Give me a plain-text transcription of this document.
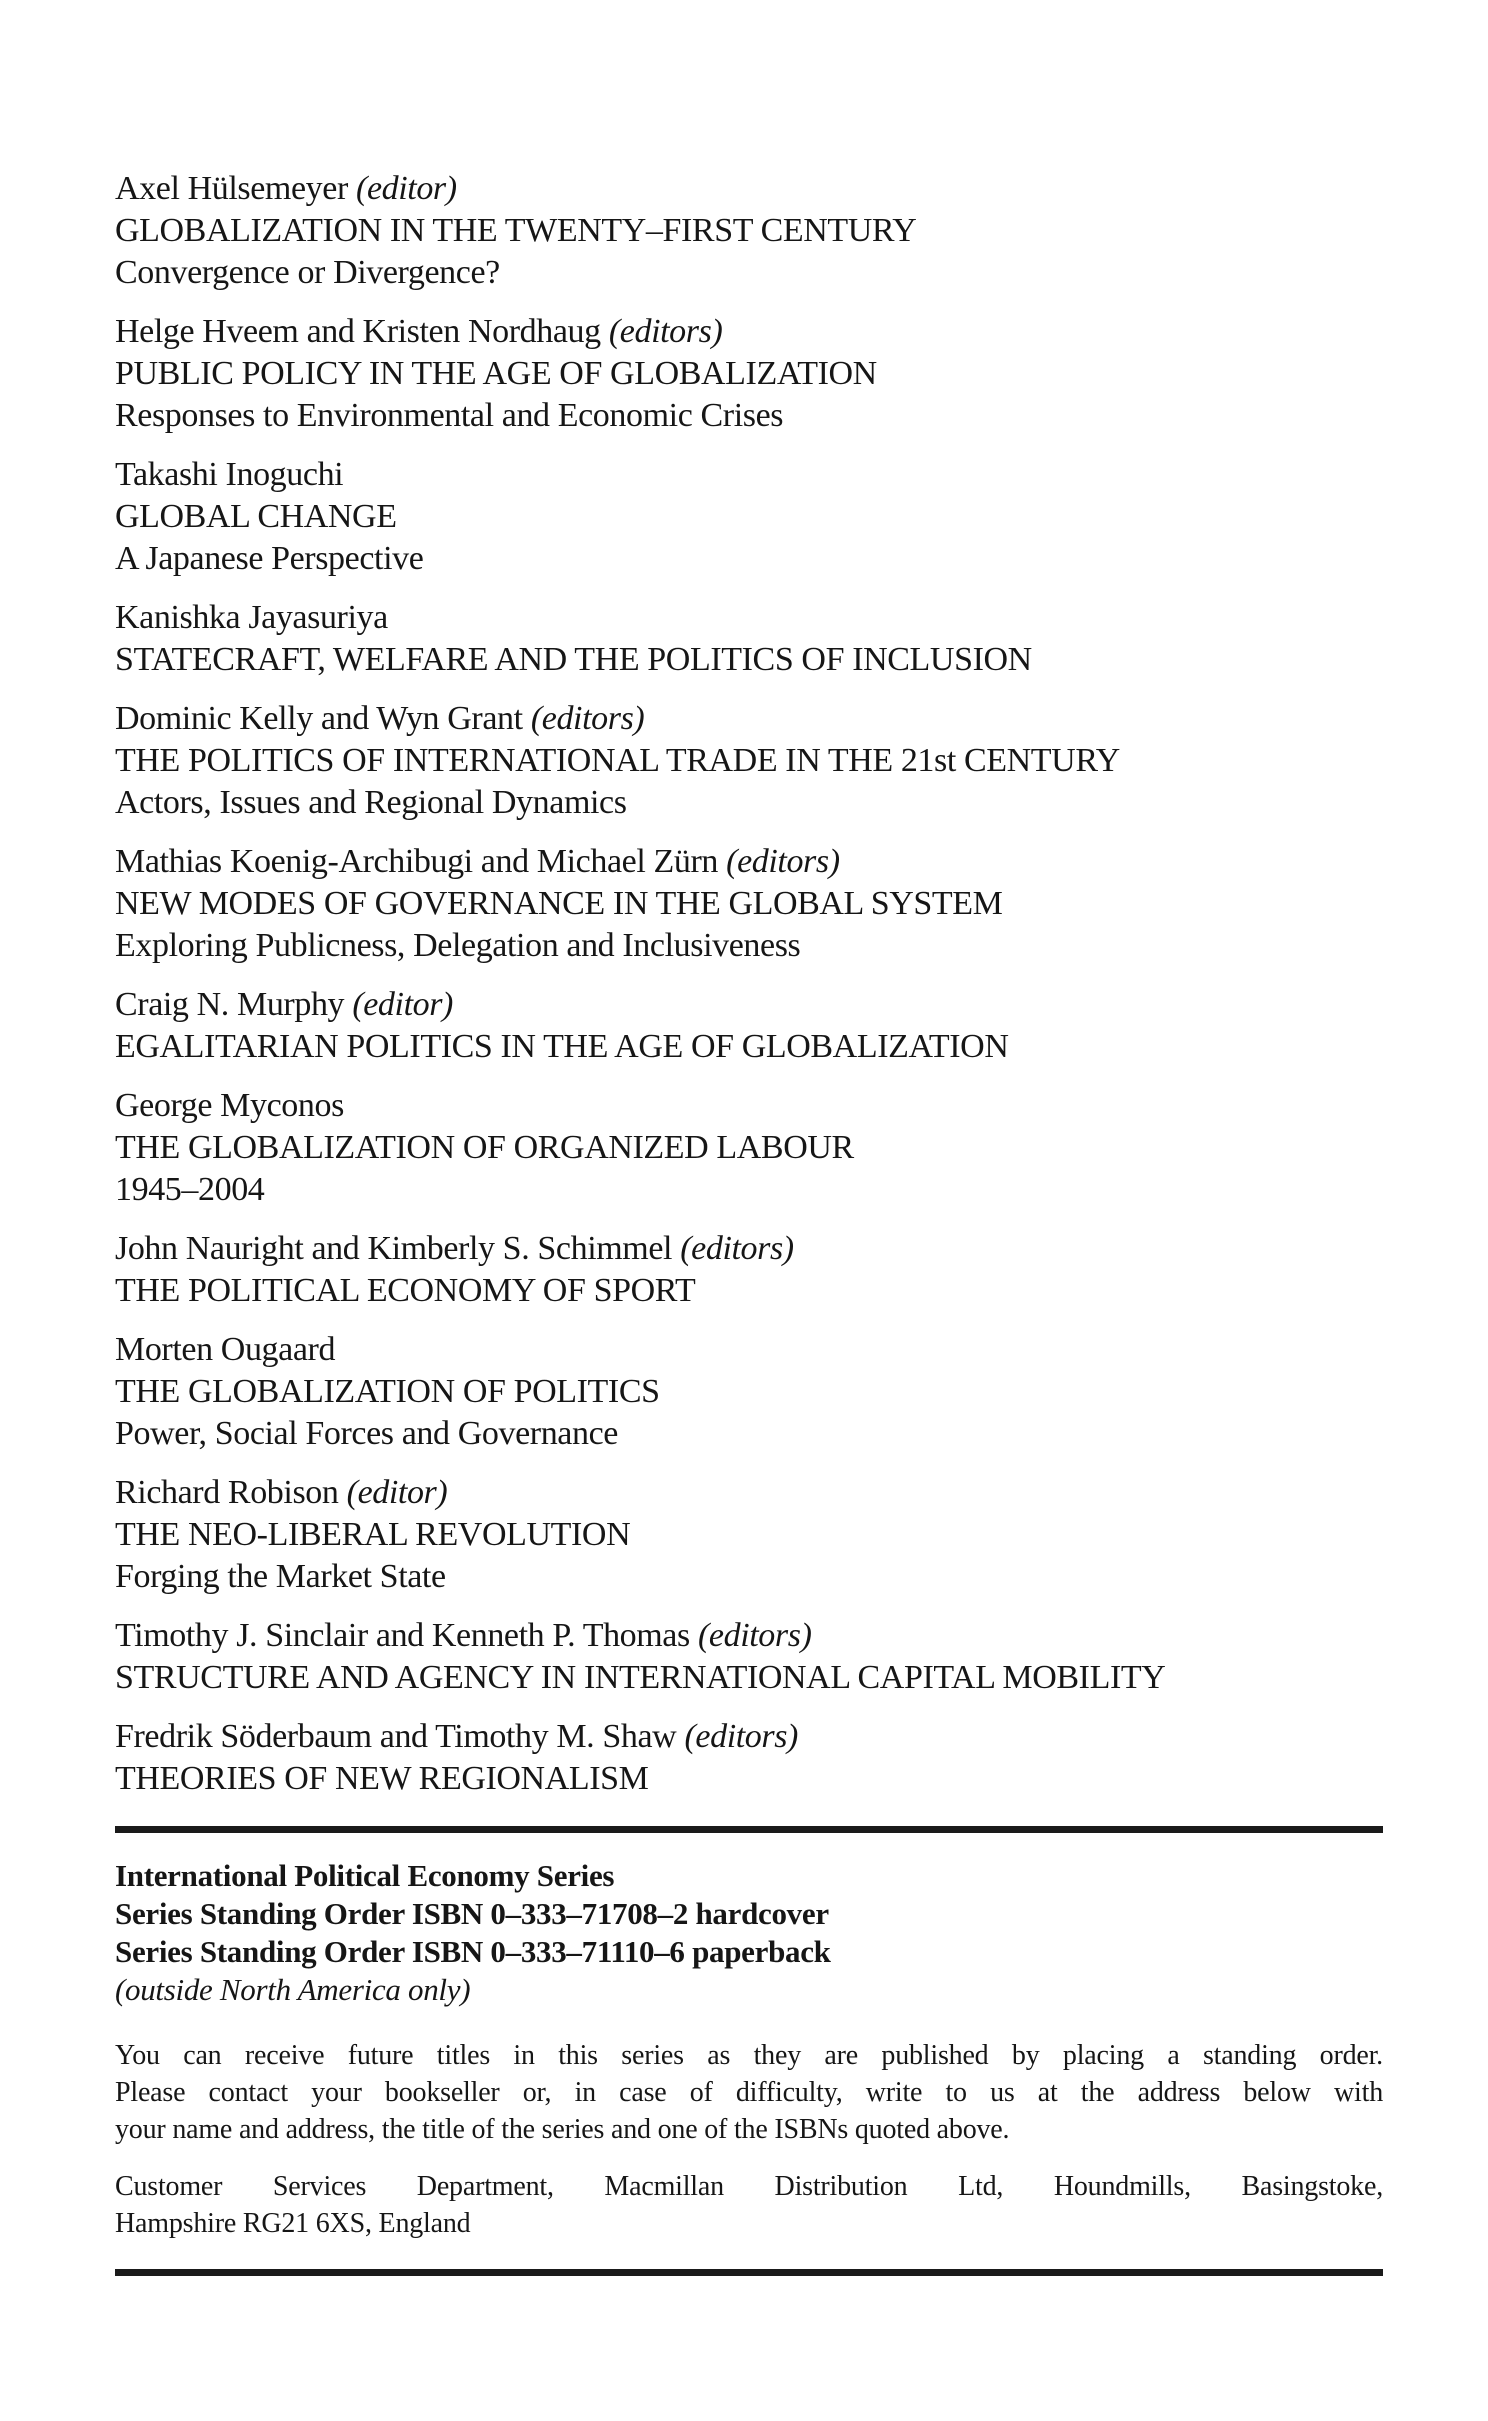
Axel Hülsemeyer (editor)
GLOBALIZATION IN THE TWENTY–FIRST CENTURY
Convergence or Divergence?
Helge Hveem and Kristen Nordhaug (editors)
PUBLIC POLICY IN THE AGE OF GLOBALIZATION
Responses to Environmental and Economic Crises
Takashi Inoguchi
GLOBAL CHANGE
A Japanese Perspective
Kanishka Jayasuriya
STATECRAFT, WELFARE AND THE POLITICS OF INCLUSION
Dominic Kelly and Wyn Grant (editors)
THE POLITICS OF INTERNATIONAL TRADE IN THE 21st CENTURY
Actors, Issues and Regional Dynamics
Mathias Koenig-Archibugi and Michael Zürn (editors)
NEW MODES OF GOVERNANCE IN THE GLOBAL SYSTEM
Exploring Publicness, Delegation and Inclusiveness
Craig N. Murphy (editor)
EGALITARIAN POLITICS IN THE AGE OF GLOBALIZATION
George Myconos
THE GLOBALIZATION OF ORGANIZED LABOUR
1945–2004
John Nauright and Kimberly S. Schimmel (editors)
THE POLITICAL ECONOMY OF SPORT
Morten Ougaard
THE GLOBALIZATION OF POLITICS
Power, Social Forces and Governance
Richard Robison (editor)
THE NEO-LIBERAL REVOLUTION
Forging the Market State
Timothy J. Sinclair and Kenneth P. Thomas (editors)
STRUCTURE AND AGENCY IN INTERNATIONAL CAPITAL MOBILITY
Fredrik Söderbaum and Timothy M. Shaw (editors)
THEORIES OF NEW REGIONALISM
International Political Economy Series
Series Standing Order ISBN 0–333–71708–2 hardcover
Series Standing Order ISBN 0–333–71110–6 paperback
(outside North America only)
You can receive future titles in this series as they are published by placing a standing order.
Please contact your bookseller or, in case of difficulty, write to us at the address below with
your name and address, the title of the series and one of the ISBNs quoted above.
Customer Services Department, Macmillan Distribution Ltd, Houndmills, Basingstoke,
Hampshire RG21 6XS, England
